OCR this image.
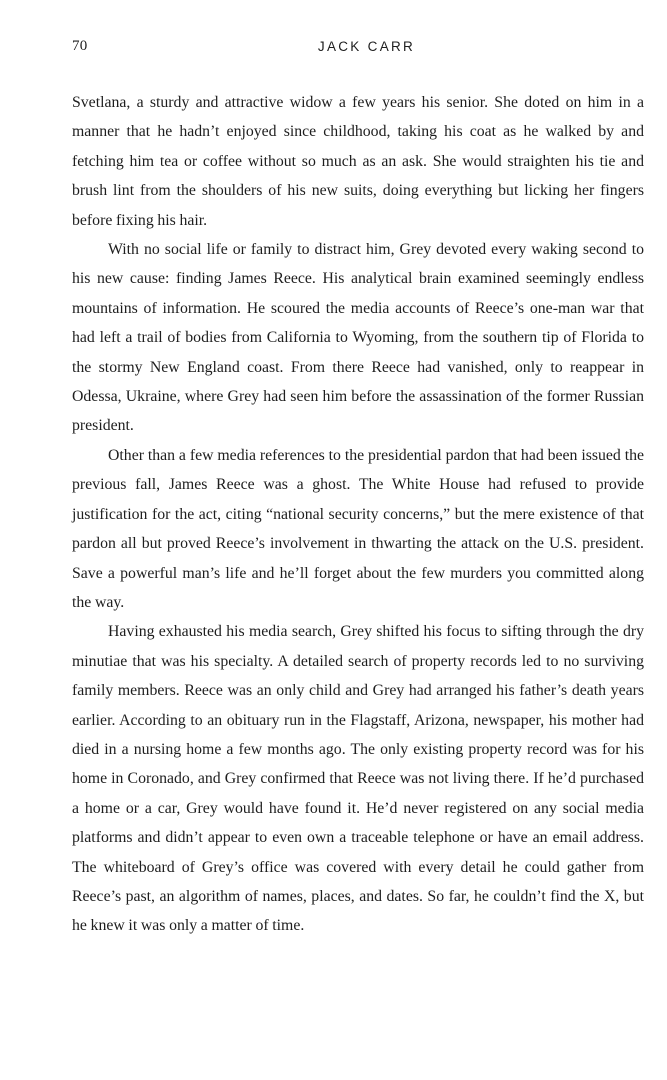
70	JACK CARR

Svetlana, a sturdy and attractive widow a few years his senior. She doted on him in a manner that he hadn’t enjoyed since childhood, taking his coat as he walked by and fetching him tea or coffee without so much as an ask. She would straighten his tie and brush lint from the shoulders of his new suits, doing everything but licking her fingers before fixing his hair.

With no social life or family to distract him, Grey devoted every waking second to his new cause: finding James Reece. His analytical brain examined seemingly endless mountains of information. He scoured the media accounts of Reece’s one-man war that had left a trail of bodies from California to Wyoming, from the southern tip of Florida to the stormy New England coast. From there Reece had vanished, only to reappear in Odessa, Ukraine, where Grey had seen him before the assassination of the former Russian president.

Other than a few media references to the presidential pardon that had been issued the previous fall, James Reece was a ghost. The White House had refused to provide justification for the act, citing “national security concerns,” but the mere existence of that pardon all but proved Reece’s involvement in thwarting the attack on the U.S. president. Save a powerful man’s life and he’ll forget about the few murders you committed along the way.

Having exhausted his media search, Grey shifted his focus to sifting through the dry minutiae that was his specialty. A detailed search of property records led to no surviving family members. Reece was an only child and Grey had arranged his father’s death years earlier. According to an obituary run in the Flagstaff, Arizona, newspaper, his mother had died in a nursing home a few months ago. The only existing property record was for his home in Coronado, and Grey confirmed that Reece was not living there. If he’d purchased a home or a car, Grey would have found it. He’d never registered on any social media platforms and didn’t appear to even own a traceable telephone or have an email address. The whiteboard of Grey’s office was covered with every detail he could gather from Reece’s past, an algorithm of names, places, and dates. So far, he couldn’t find the X, but he knew it was only a matter of time.
